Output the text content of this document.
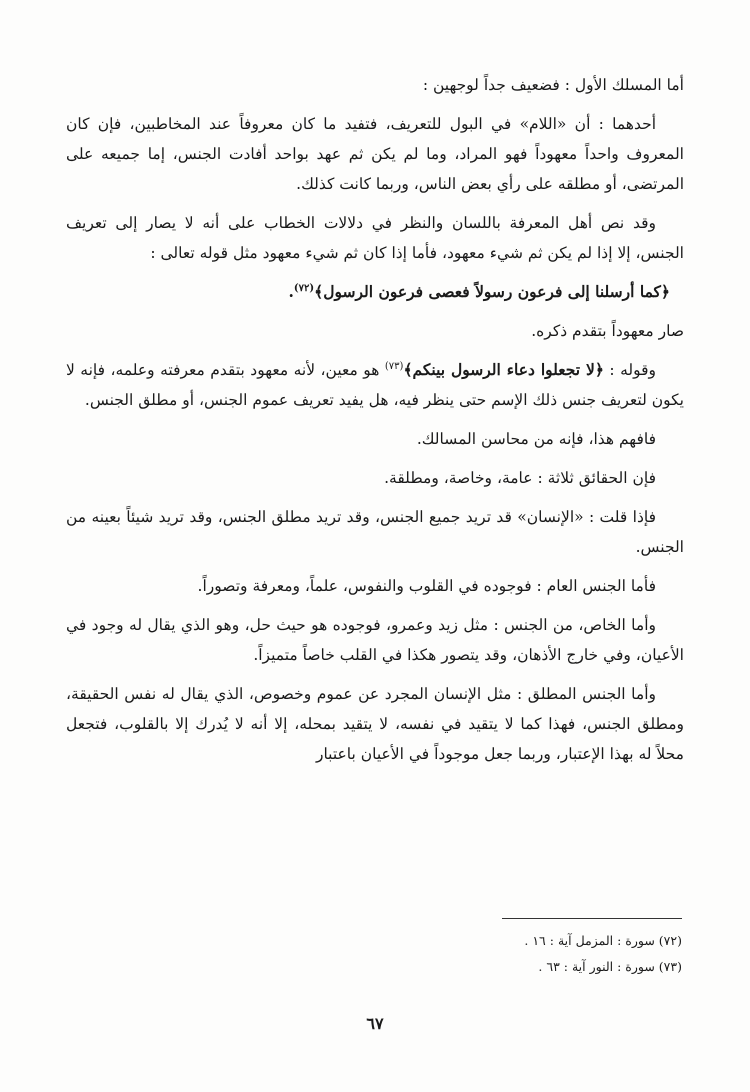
أما المسلك الأول : فضعيف جداً لوجهين :

أحدهما : أن «اللام» في البول للتعريف، فتفيد ما كان معروفاً عند المخاطبين، فإن كان المعروف واحداً معهوداً فهو المراد، وما لم يكن ثم عهد بواحد أفادت الجنس، إما جميعه على المرتضى، أو مطلقه على رأي بعض الناس، وربما كانت كذلك.

وقد نص أهل المعرفة باللسان والنظر في دلالات الخطاب على أنه لا يصار إلى تعريف الجنس، إلا إذا لم يكن ثم شيء معهود، فأما إذا كان ثم شيء معهود مثل قوله تعالى :

﴿كما أرسلنا إلى فرعون رسولاً فعصى فرعون الرسول﴾$^{(٧٢)}$.

صار معهوداً بتقدم ذكره.

وقوله : ﴿لا تجعلوا دعاء الرسول بينكم﴾$^{(٧٣)}$ هو معين، لأنه معهود بتقدم معرفته وعلمه، فإنه لا يكون لتعريف جنس ذلك الإسم حتى ينظر فيه، هل يفيد تعريف عموم الجنس، أو مطلق الجنس.

فافهم هذا، فإنه من محاسن المسالك.

فإن الحقائق ثلاثة : عامة، وخاصة، ومطلقة.

فإذا قلت : «الإنسان» قد تريد جميع الجنس، وقد تريد مطلق الجنس، وقد تريد شيئاً بعينه من الجنس.

فأما الجنس العام : فوجوده في القلوب والنفوس، علماً، ومعرفة وتصوراً.

وأما الخاص، من الجنس : مثل زيد وعمرو، فوجوده هو حيث حل، وهو الذي يقال له وجود في الأعيان، وفي خارج الأذهان، وقد يتصور هكذا في القلب خاصاً متميزاً.

وأما الجنس المطلق : مثل الإنسان المجرد عن عموم وخصوص، الذي يقال له نفس الحقيقة، ومطلق الجنس، فهذا كما لا يتقيد في نفسه، لا يتقيد بمحله، إلا أنه لا يُدرك إلا بالقلوب، فتجعل محلاً له بهذا الإعتبار، وربما جعل موجوداً في الأعيان باعتبار

(٧٢) سورة : المزمل آية : ١٦ .
(٧٣) سورة : النور آية : ٦٣ .
٦٧
